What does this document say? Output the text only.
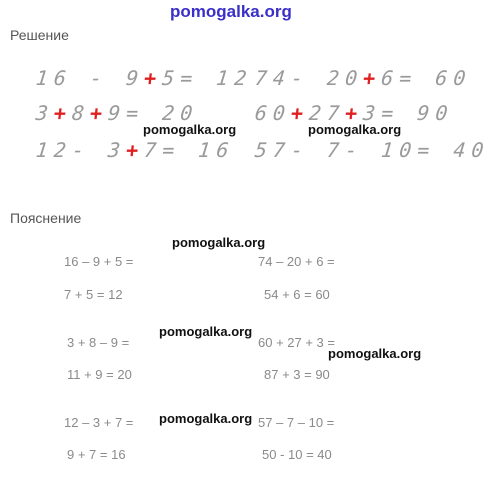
pomogalka.org
Решение
16 - 9+5= 12
3+8+9= 20
12- 3+7= 16
74- 20+6= 60
60+27+3= 90
57- 7- 10= 40
pomogalka.org	pomogalka.org
Пояснение
pomogalka.org
16 – 9 + 5 =
7 + 5 = 12
3 + 8 – 9 =
11 + 9 = 20
12 – 3 + 7 =
9 + 7 = 16
74 – 20 + 6 =
54 + 6 = 60
60 + 27 + 3 =
87 + 3 = 90
57 – 7 – 10 =
50 - 10 = 40
pomogalka.org
pomogalka.org
pomogalka.org
